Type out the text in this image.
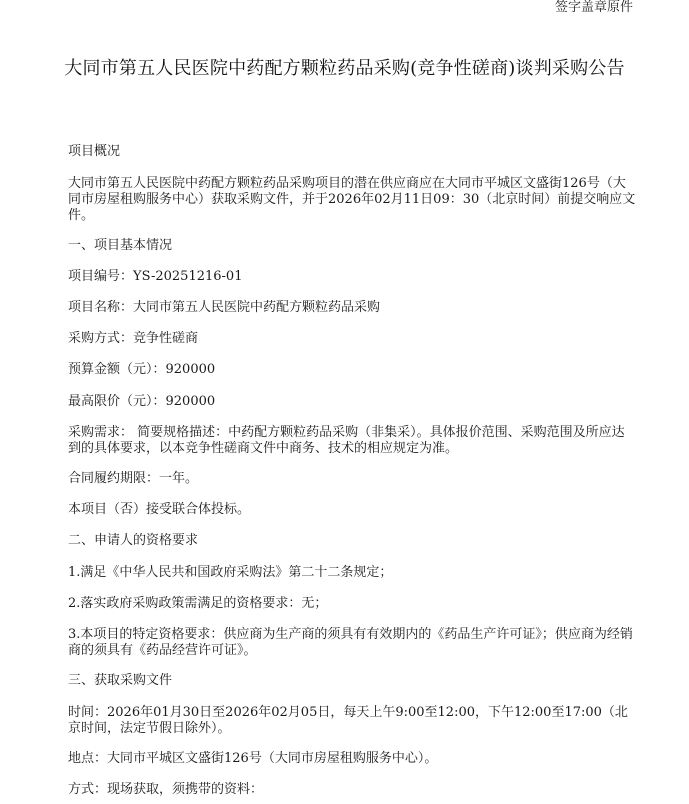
签字盖章原件
大同市第五人民医院中药配方颗粒药品采购(竞争性磋商)谈判采购公告

项目概况

大同市第五人民医院中药配方颗粒药品采购项目的潜在供应商应在大同市平城区文盛街126号（大同市房屋租购服务中心）获取采购文件，并于2026年02月11日09：30（北京时间）前提交响应文件。

一、项目基本情况

项目编号：YS-20251216-01

项目名称：大同市第五人民医院中药配方颗粒药品采购

采购方式：竞争性磋商

预算金额（元）：920000

最高限价（元）：920000

采购需求： 简要规格描述：中药配方颗粒药品采购（非集采）。具体报价范围、采购范围及所应达到的具体要求，以本竞争性磋商文件中商务、技术的相应规定为准。

合同履约期限：一年。

本项目（否）接受联合体投标。

二、申请人的资格要求

1.满足《中华人民共和国政府采购法》第二十二条规定；

2.落实政府采购政策需满足的资格要求：无；

3.本项目的特定资格要求：供应商为生产商的须具有有效期内的《药品生产许可证》；供应商为经销商的须具有《药品经营许可证》。

三、获取采购文件

时间：2026年01月30日至2026年02月05日，每天上午9:00至12:00，下午12:00至17:00（北京时间，法定节假日除外）。

地点：大同市平城区文盛街126号（大同市房屋租购服务中心）。

方式：现场获取，须携带的资料：
